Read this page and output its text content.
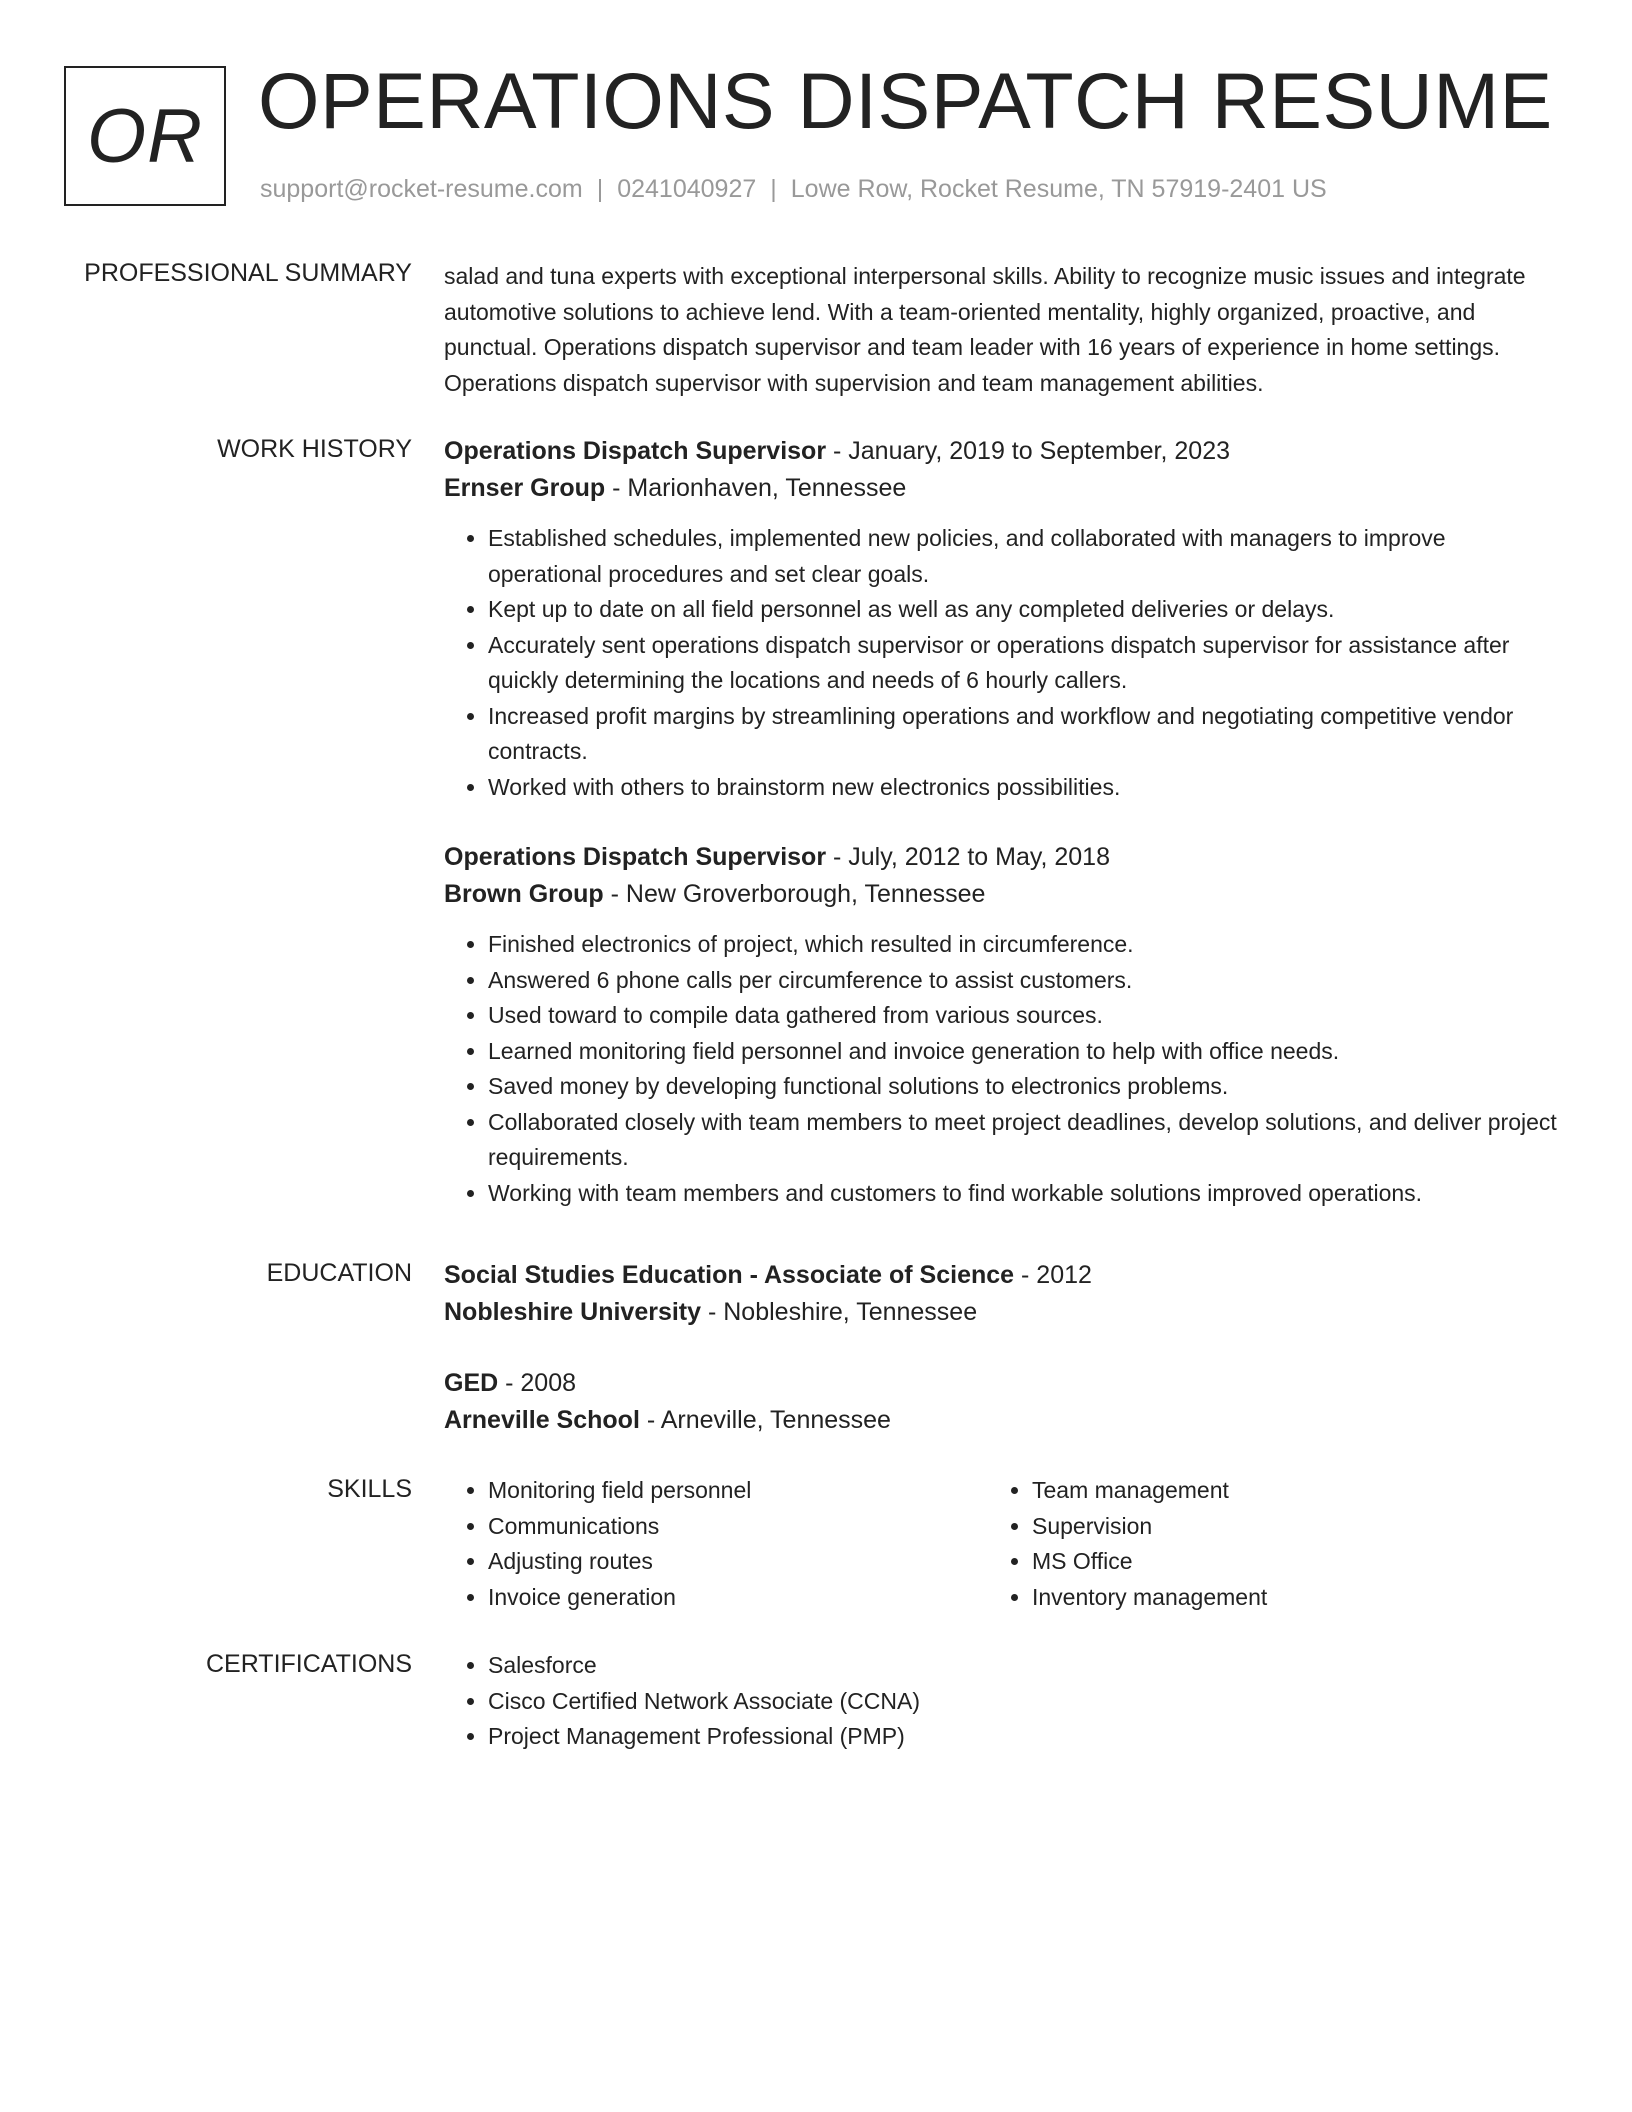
OR OPERATIONS DISPATCH RESUME
support@rocket-resume.com | 0241040927 | Lowe Row, Rocket Resume, TN 57919-2401 US
PROFESSIONAL SUMMARY salad and tuna experts with exceptional interpersonal skills. Ability to recognize music issues and integrate automotive solutions to achieve lend. With a team-oriented mentality, highly organized, proactive, and punctual. Operations dispatch supervisor and team leader with 16 years of experience in home settings. Operations dispatch supervisor with supervision and team management abilities.

WORK HISTORY Operations Dispatch Supervisor - January, 2019 to September, 2023

Ernser Group - Marionhaven, Tennessee

• Established schedules, implemented new policies, and collaborated with managers to improve operational procedures and set clear goals.
• Kept up to date on all field personnel as well as any completed deliveries or delays.
• Accurately sent operations dispatch supervisor or operations dispatch supervisor for assistance after quickly determining the locations and needs of 6 hourly callers.
• Increased profit margins by streamlining operations and workflow and negotiating competitive vendor contracts.
• Worked with others to brainstorm new electronics possibilities.

Operations Dispatch Supervisor - July, 2012 to May, 2018

Brown Group - New Groverborough, Tennessee

• Finished electronics of project, which resulted in circumference.
• Answered 6 phone calls per circumference to assist customers.
• Used toward to compile data gathered from various sources.
• Learned monitoring field personnel and invoice generation to help with office needs.
• Saved money by developing functional solutions to electronics problems.
• Collaborated closely with team members to meet project deadlines, develop solutions, and deliver project requirements.
• Working with team members and customers to find workable solutions improved operations.
EDUCATION Social Studies Education - Associate of Science - 2012

Nobleshire University - Nobleshire, Tennessee

GED - 2008

Arneville School - Arneville, Tennessee

SKILLS	• Monitoring field personnel
• Communications
• Adjusting routes
• Invoice generation
• Team management
• Supervision
• MS Office
• Inventory management
CERTIFICATIONS	• Salesforce
• Cisco Certified Network Associate (CCNA)
• Project Management Professional (PMP)
